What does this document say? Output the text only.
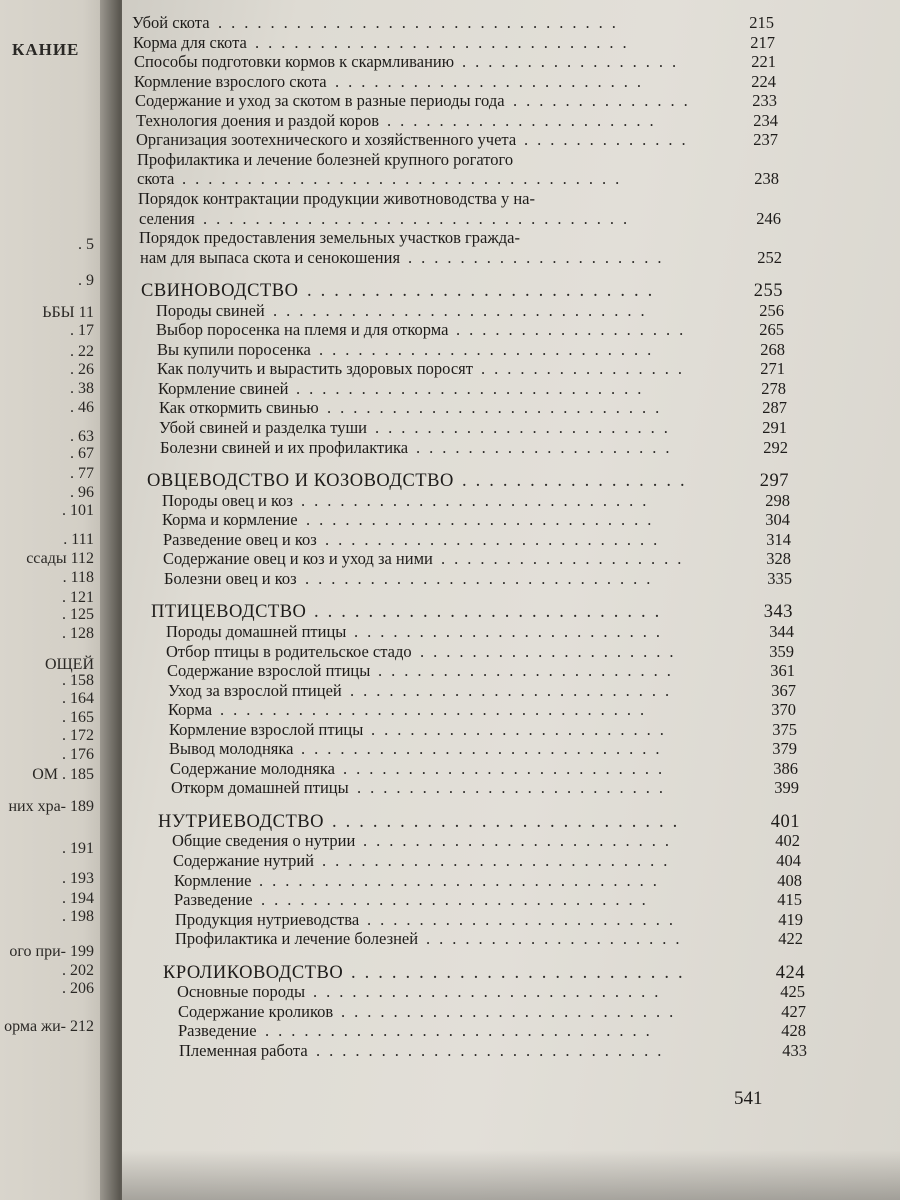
КАНИЕ
. 5
. 9
ЬБЫ 11
. 17
. 22
. 26
. 38
. 46
. 63
. 67
. 77
. 96
. 101
. 111
ссады 112
. 118
. 121
. 125
. 128
ОЩЕЙ
. 158
. 164
. 165
. 172
. 176
ОМ . 185
них хра- 189
. 191
. 193
. 194
. 198
ого при- 199
. 202
. 206
орма жи- 212
Убой скота ...............................	215
Корма для скота .............................	217
Способы подготовки кормов к скармливанию .................	221
Кормление взрослого скота ........................	224
Содержание и уход за скотом в разные периоды года ..............	233
Технология доения и раздой коров .....................	234
Организация зоотехнического и хозяйственного учета .............	237
Профилактика и лечение болезней крупного рогатого
скота ..................................	238
Порядок контрактации продукции животноводства у на-
селения .................................	246
Порядок предоставления земельных участков гражда-
нам для выпаса скота и сенокошения ....................	252
СВИНОВОДСТВО ..........................	255
Породы свиней .............................	256
Выбор поросенка на племя и для откорма ..................	265
Вы купили поросенка ..........................	268
Как получить и вырастить здоровых поросят ................	271
Кормление свиней ...........................	278
Как откормить свинью ..........................	287
Убой свиней и разделка туши .......................	291
Болезни свиней и их профилактика ....................	292
ОВЦЕВОДСТВО И КОЗОВОДСТВО .................	297
Породы овец и коз ...........................	298
Корма и кормление ...........................	304
Разведение овец и коз ..........................	314
Содержание овец и коз и уход за ними ...................	328
Болезни овец и коз ...........................	335
ПТИЦЕВОДСТВО ..........................	343
Породы домашней птицы ........................	344
Отбор птицы в родительское стадо ....................	359
Содержание взрослой птицы .......................	361
Уход за взрослой птицей .........................	367
Корма .................................	370
Кормление взрослой птицы .......................	375
Вывод молодняка ............................	379
Содержание молодняка .........................	386
Откорм домашней птицы ........................	399
НУТРИЕВОДСТВО ..........................	401
Общие сведения о нутрии ........................	402
Содержание нутрий ...........................	404
Кормление ...............................	408
Разведение ..............................	415
Продукция нутриеводства ........................	419
Профилактика и лечение болезней ....................	422
КРОЛИКОВОДСТВО .........................	424
Основные породы ...........................	425
Содержание кроликов ..........................	427
Разведение ..............................	428
Племенная работа ...........................	433
541
